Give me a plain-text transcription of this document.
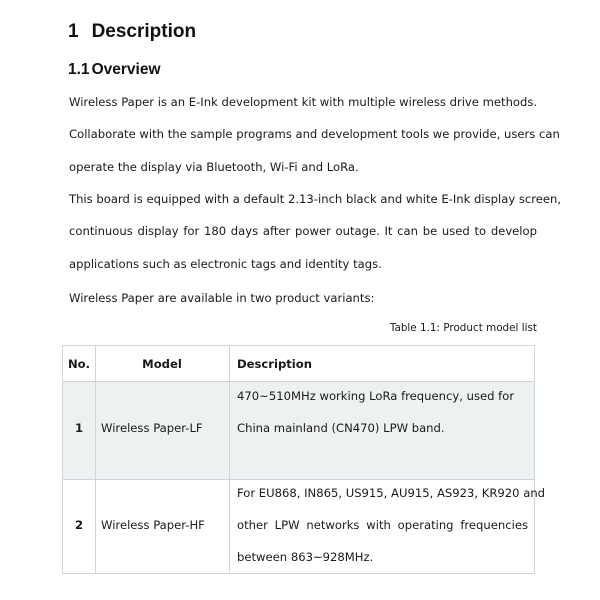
1 Description
1.1 Overview
Wireless Paper is an E-Ink development kit with multiple wireless drive methods.
Collaborate with the sample programs and development tools we provide, users can
operate the display via Bluetooth, Wi-Fi and LoRa.
This board is equipped with a default 2.13-inch black and white E-Ink display screen,
continuous display for 180 days after power outage. It can be used to develop
applications such as electronic tags and identity tags.
Wireless Paper are available in two product variants:
Table 1.1: Product model list
No.	Model	Description
1	Wireless Paper-LF
470~510MHz working LoRa frequency, used for
China mainland (CN470) LPW band.
2	Wireless Paper-HF
For EU868, IN865, US915, AU915, AS923, KR920 and
other LPW networks with operating frequencies
between 863~928MHz.
